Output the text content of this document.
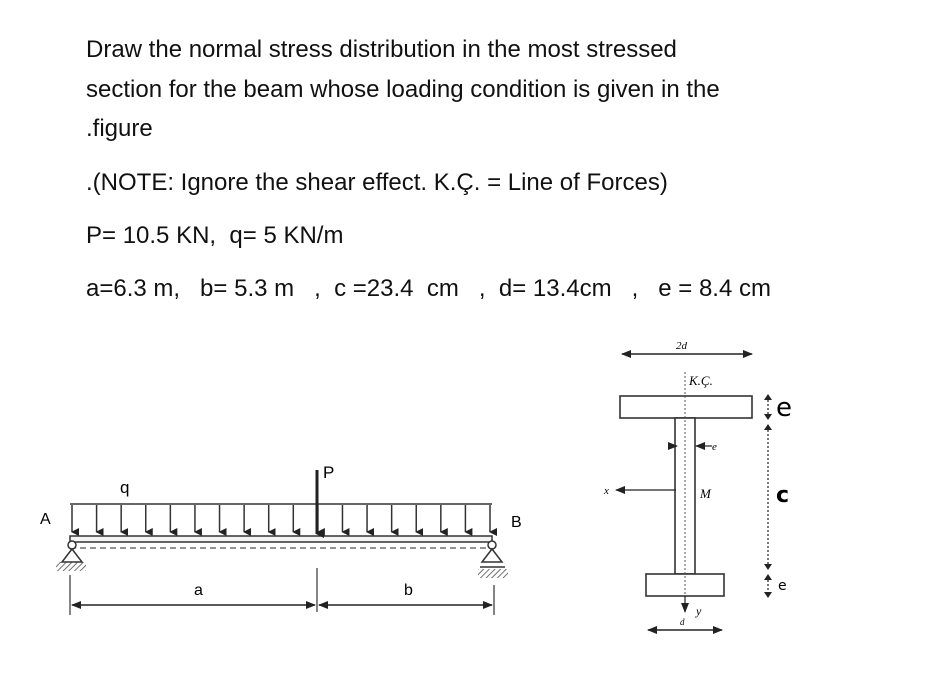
Draw the normal stress distribution in the most stressed
section for the beam whose loading condition is given in the
.figure
.(NOTE: Ignore the shear effect. K.Ç. = Line of Forces)
P= 10.5 KN,  q= 5 KN/m
a=6.3 m,   b= 5.3 m   ,  c =23.4  cm   ,  d= 13.4cm   ,   e = 8.4 cm
P
q
A	B
a	b
2d
K.Ç.
e
x	M
y
d
e
c
e
